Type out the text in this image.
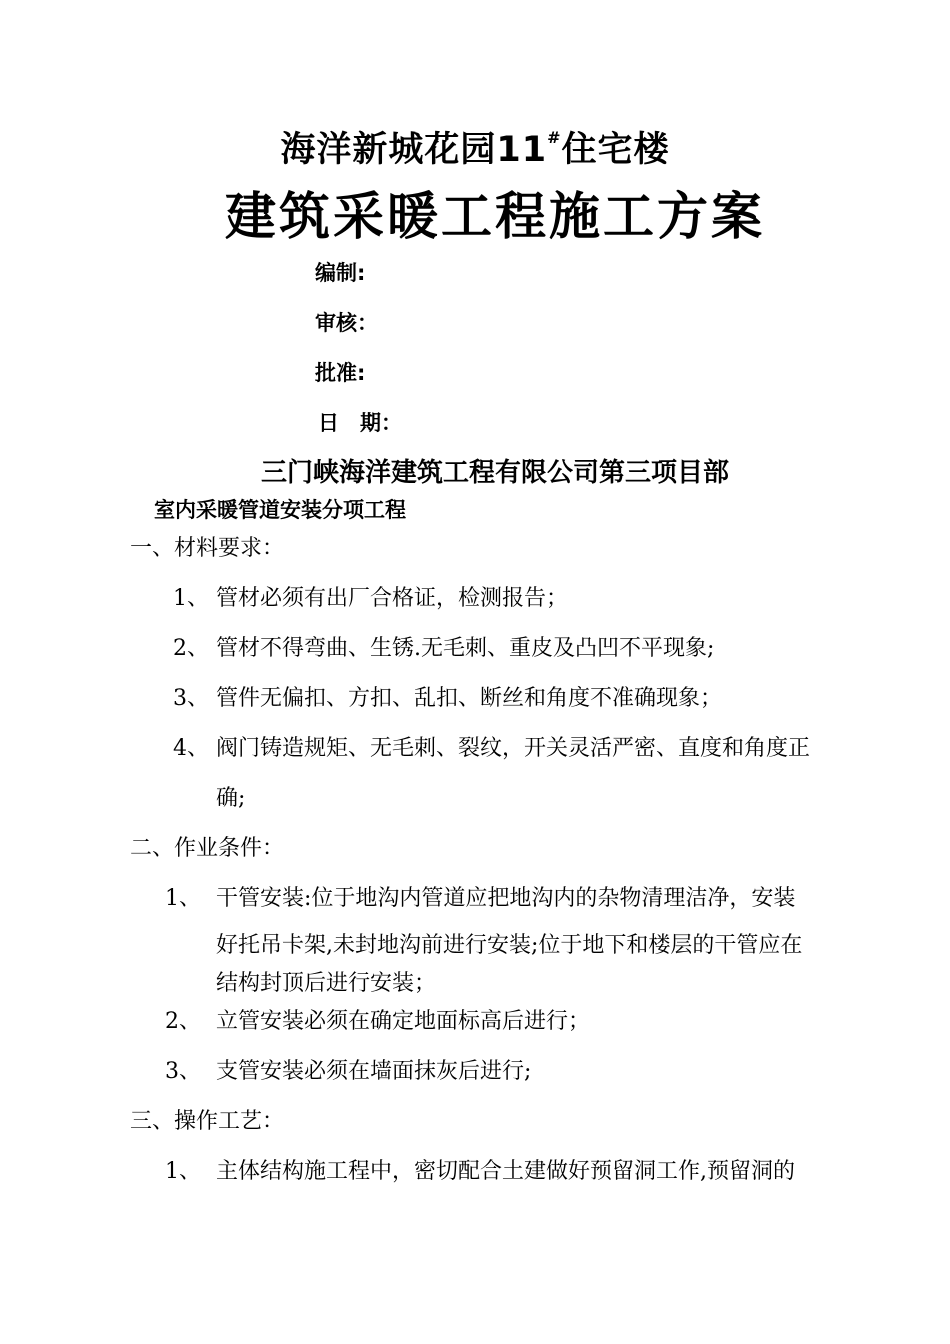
海洋新城花园11#住宅楼
建筑采暖工程施工方案
编制:
审核：
批准:
日　期：
三门峡海洋建筑工程有限公司第三项目部
室内采暖管道安装分项工程
一、材料要求：
1、 管材必须有出厂合格证，检测报告；
2、 管材不得弯曲、生锈.无毛刺、重皮及凸凹不平现象;
3、 管件无偏扣、方扣、乱扣、断丝和角度不准确现象；
4、 阀门铸造规矩、无毛刺、裂纹，开关灵活严密、直度和角度正
确;
二、作业条件：
1、 干管安装:位于地沟内管道应把地沟内的杂物清理洁净，安装
好托吊卡架,未封地沟前进行安装;位于地下和楼层的干管应在
结构封顶后进行安装；
2、 立管安装必须在确定地面标高后进行；
3、 支管安装必须在墙面抹灰后进行;
三、操作工艺：
1、 主体结构施工程中，密切配合土建做好预留洞工作,预留洞的
